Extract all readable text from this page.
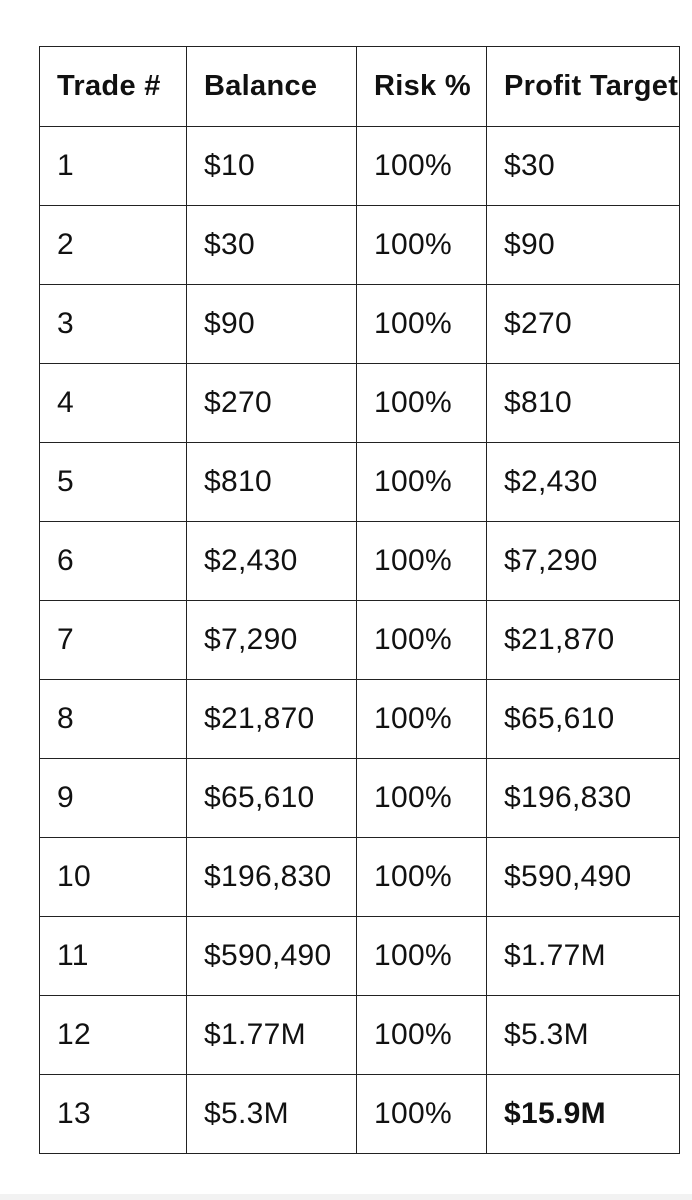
Trade #	Balance	Risk %	Profit Target
1	$10	100%	$30
2	$30	100%	$90
3	$90	100%	$270
4	$270	100%	$810
5	$810	100%	$2,430
6	$2,430	100%	$7,290
7	$7,290	100%	$21,870
8	$21,870	100%	$65,610
9	$65,610	100%	$196,830
10	$196,830	100%	$590,490
11	$590,490	100%	$1.77M
12	$1.77M	100%	$5.3M
13	$5.3M	100%	$15.9M
